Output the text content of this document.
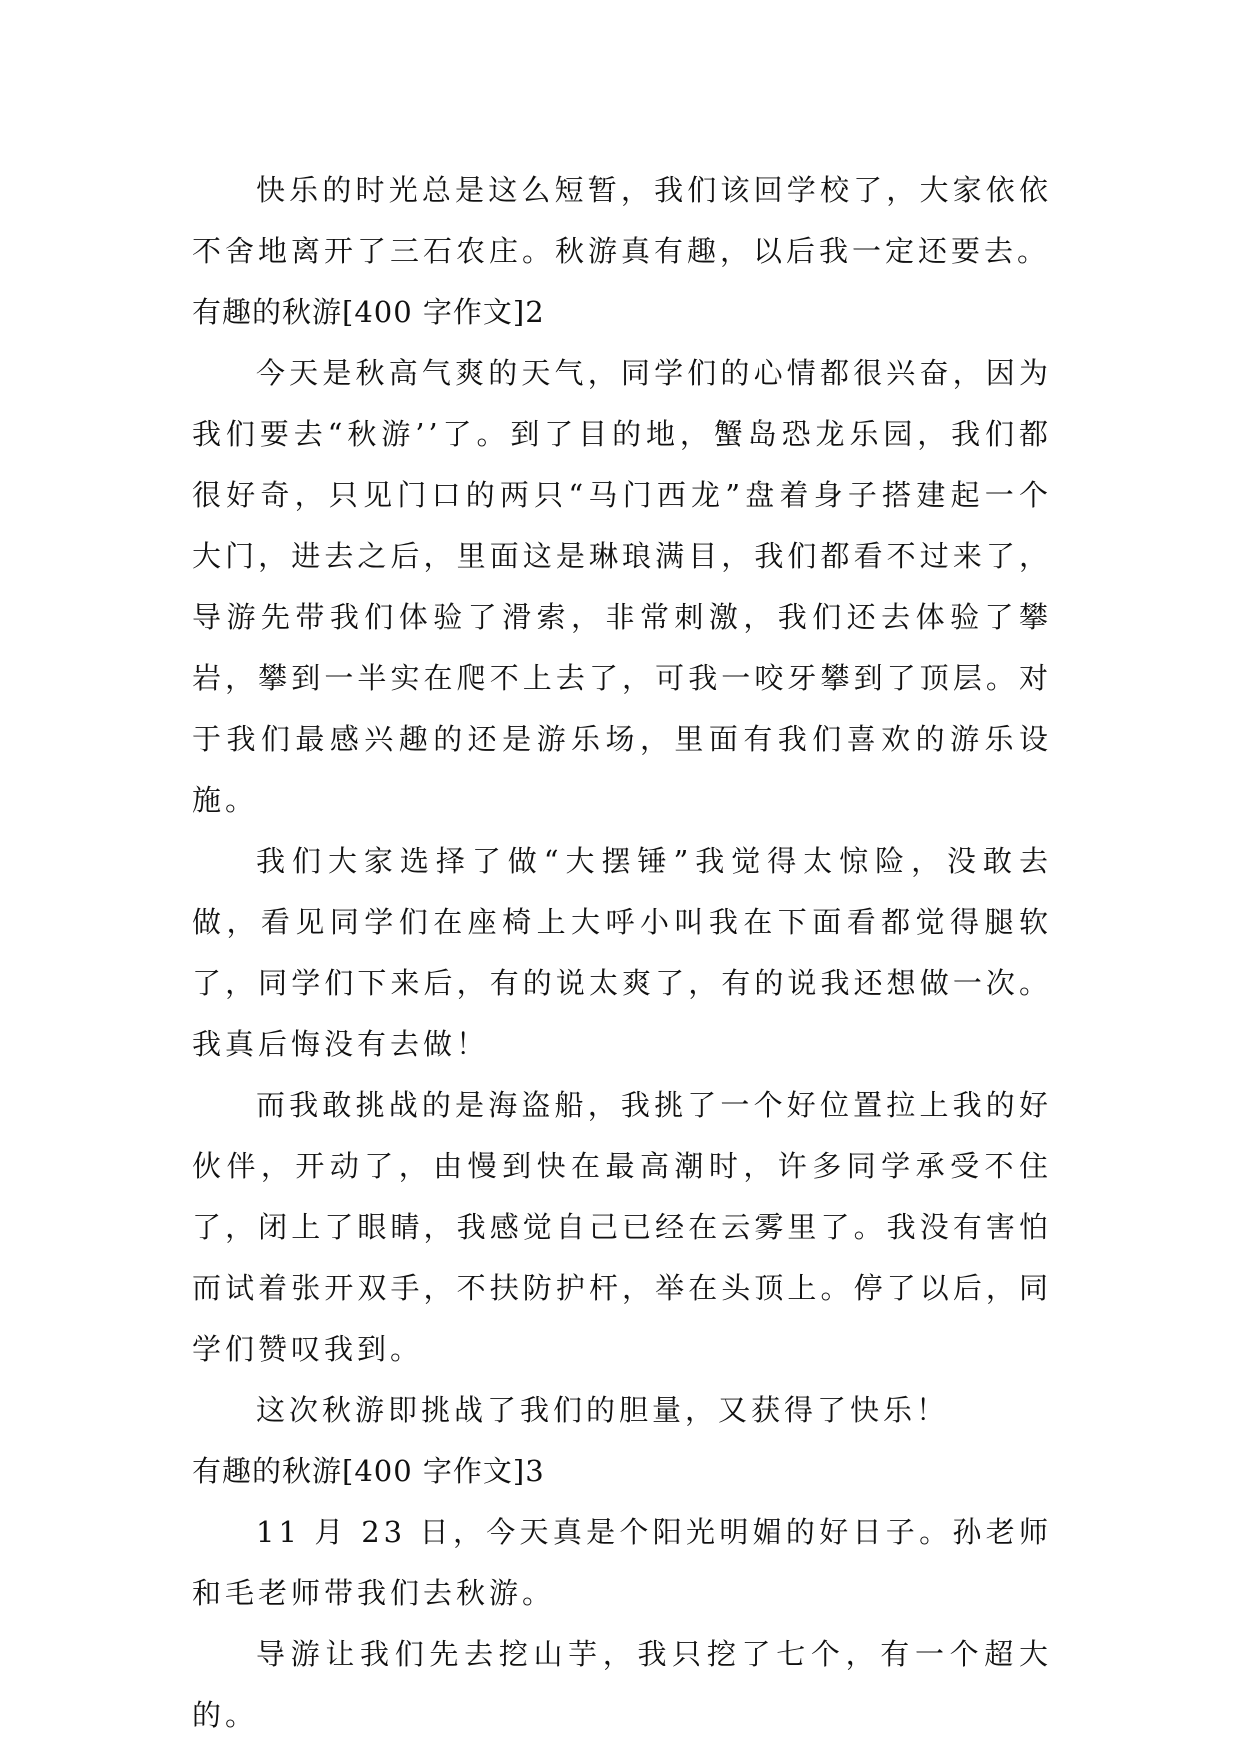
快乐的时光总是这么短暂，我们该回学校了，大家依依不舍地离开了三石农庄。秋游真有趣，以后我一定还要去。

有趣的秋游[400 字作文]2

今天是秋高气爽的天气，同学们的心情都很兴奋，因为我们要去“秋游’’了。到了目的地，蟹岛恐龙乐园，我们都很好奇，只见门口的两只“马门西龙”盘着身子搭建起一个大门，进去之后，里面这是琳琅满目，我们都看不过来了，导游先带我们体验了滑索，非常刺激，我们还去体验了攀岩，攀到一半实在爬不上去了，可我一咬牙攀到了顶层。对于我们最感兴趣的还是游乐场，里面有我们喜欢的游乐设施。

我们大家选择了做“大摆锤”我觉得太惊险，没敢去做，看见同学们在座椅上大呼小叫我在下面看都觉得腿软了，同学们下来后，有的说太爽了，有的说我还想做一次。我真后悔没有去做！

而我敢挑战的是海盗船，我挑了一个好位置拉上我的好伙伴，开动了，由慢到快在最高潮时，许多同学承受不住了，闭上了眼睛，我感觉自己已经在云雾里了。我没有害怕而试着张开双手，不扶防护杆，举在头顶上。停了以后，同学们赞叹我到。

这次秋游即挑战了我们的胆量，又获得了快乐！

有趣的秋游[400 字作文]3

11 月 23 日，今天真是个阳光明媚的好日子。孙老师和毛老师带我们去秋游。

导游让我们先去挖山芋，我只挖了七个，有一个超大的。
